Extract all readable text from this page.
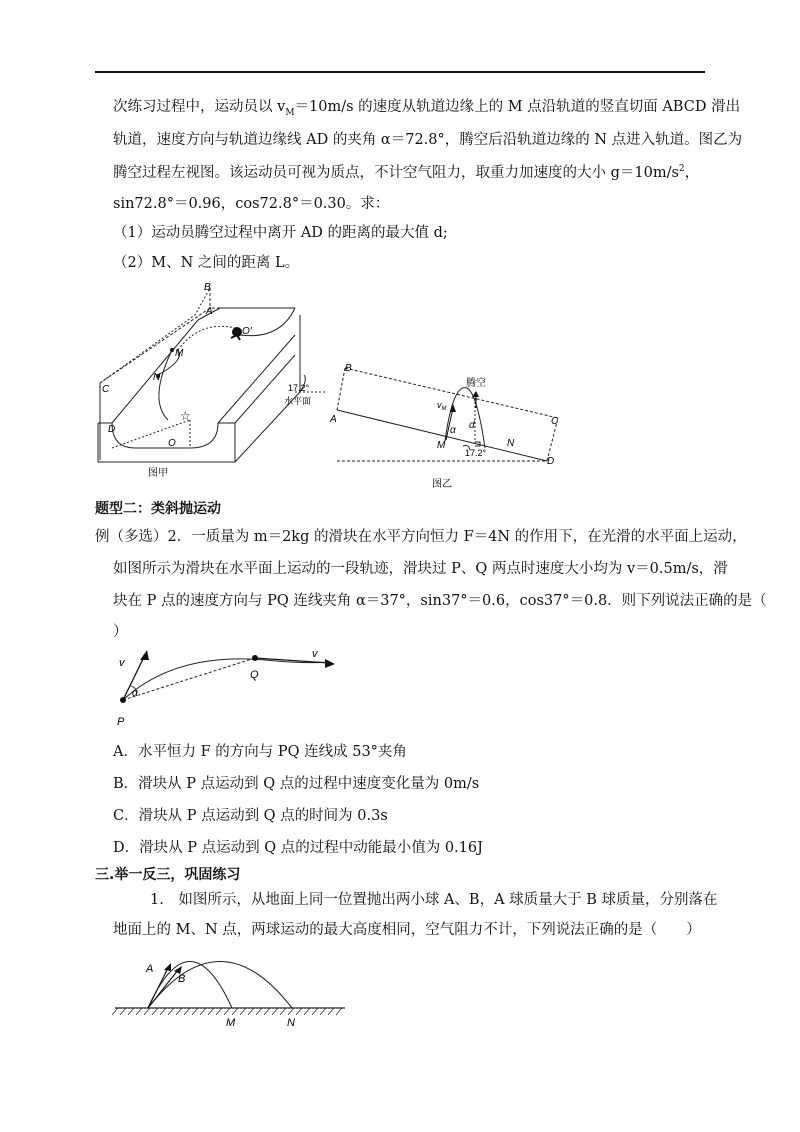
次练习过程中，运动员以 $v_M=10m/s$ 的速度从轨道边缘上的 M 点沿轨道的竖直切面 ABCD 滑出
轨道，速度方向与轨道边缘线 AD 的夹角 α＝72.8°，腾空后沿轨道边缘的 N 点进入轨道。图乙为
腾空过程左视图。该运动员可视为质点，不计空气阻力，取重力加速度的大小 $g=10m/s^2$，
sin72.8°＝0.96，cos72.8°＝0.30。求：
（1）运动员腾空过程中离开 AD 的距离的最大值 d;
（2）M、N 之间的距离 L。
B
A
O'
M
N
C
D
O
☆
17.2°
水平面
图甲
B
A	C
D
M	N
$v_M$
α d
腾空
17.2°
图乙
题型二：类斜抛运动
例（多选）2．一质量为 m＝2kg 的滑块在水平方向恒力 F＝4N 的作用下，在光滑的水平面上运动，
如图所示为滑块在水平面上运动的一段轨迹，滑块过 P、Q 两点时速度大小均为 v＝0.5m/s，滑
块在 P 点的速度方向与 PQ 连线夹角 α＝37°，sin37°＝0.6，cos37°＝0.8．则下列说法正确的是（
）
v
v
P
Q
α
A．水平恒力 F 的方向与 PQ 连线成 53°夹角
B．滑块从 P 点运动到 Q 点的过程中速度变化量为 0m/s
C．滑块从 P 点运动到 Q 点的时间为 0.3s
D．滑块从 P 点运动到 Q 点的过程中动能最小值为 0.16J
三.举一反三，巩固练习
1.　如图所示，从地面上同一位置抛出两小球 A、B，A 球质量大于 B 球质量，分别落在
地面上的 M、N 点，两球运动的最大高度相同，空气阻力不计，下列说法正确的是（　　）
A
B
M	N
